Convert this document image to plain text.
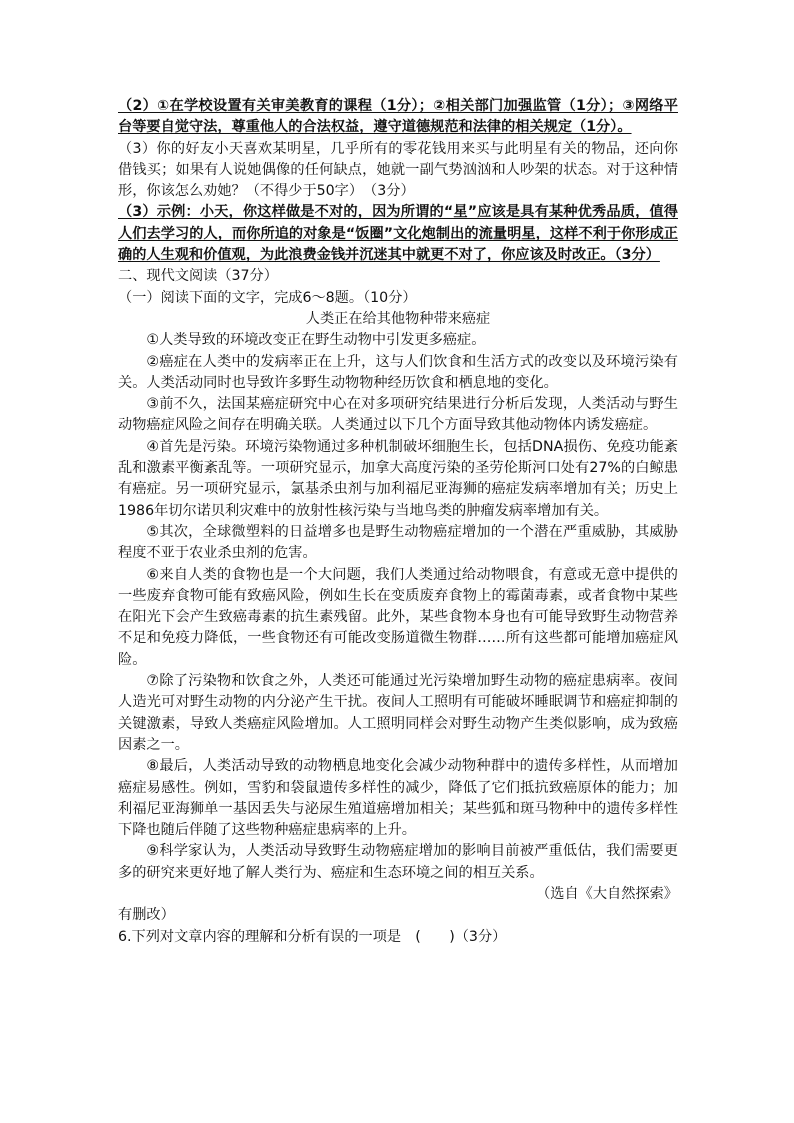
（2）①在学校设置有关审美教育的课程（1分）；②相关部门加强监管（1分）；③网络平台等要自觉守法，尊重他人的合法权益，遵守道德规范和法律的相关规定（1分）。

（3）你的好友小天喜欢某明星，几乎所有的零花钱用来买与此明星有关的物品，还向你借钱买；如果有人说她偶像的任何缺点，她就一副气势汹汹和人吵架的状态。对于这种情形，你该怎么劝她？（不得少于50字）　（3分）

（3）示例：小天，你这样做是不对的，因为所谓的“星”应该是具有某种优秀品质，值得人们去学习的人，而你所追的对象是“饭圈”文化炮制出的流量明星，这样不利于你形成正确的人生观和价值观，为此浪费金钱并沉迷其中就更不对了，你应该及时改正。（3分）

二、现代文阅读（37分）

（一）阅读下面的文字，完成6～8题。（10分）

人类正在给其他物种带来癌症

①人类导致的环境改变正在野生动物中引发更多癌症。

②癌症在人类中的发病率正在上升，这与人们饮食和生活方式的改变以及环境污染有关。人类活动同时也导致许多野生动物物种经历饮食和栖息地的变化。

③前不久，法国某癌症研究中心在对多项研究结果进行分析后发现，人类活动与野生动物癌症风险之间存在明确关联。人类通过以下几个方面导致其他动物体内诱发癌症。

④首先是污染。环境污染物通过多种机制破坏细胞生长，包括DNA损伤、免疫功能紊乱和激素平衡紊乱等。一项研究显示，加拿大高度污染的圣劳伦斯河口处有27%的白鲸患有癌症。另一项研究显示，氯基杀虫剂与加利福尼亚海狮的癌症发病率增加有关；历史上1986年切尔诺贝利灾难中的放射性核污染与当地鸟类的肿瘤发病率增加有关。

⑤其次，全球微塑料的日益增多也是野生动物癌症增加的一个潜在严重威胁，其威胁程度不亚于农业杀虫剂的危害。

⑥来自人类的食物也是一个大问题，我们人类通过给动物喂食，有意或无意中提供的一些废弃食物可能有致癌风险，例如生长在变质废弃食物上的霉菌毒素，或者食物中某些在阳光下会产生致癌毒素的抗生素残留。此外，某些食物本身也有可能导致野生动物营养不足和免疫力降低，一些食物还有可能改变肠道微生物群……所有这些都可能增加癌症风险。

⑦除了污染物和饮食之外，人类还可能通过光污染增加野生动物的癌症患病率。夜间人造光可对野生动物的内分泌产生干扰。夜间人工照明有可能破坏睡眠调节和癌症抑制的关键激素，导致人类癌症风险增加。人工照明同样会对野生动物产生类似影响，成为致癌因素之一。

⑧最后，人类活动导致的动物栖息地变化会减少动物种群中的遗传多样性，从而增加癌症易感性。例如，雪豹和袋鼠遗传多样性的减少，降低了它们抵抗致癌原体的能力；加利福尼亚海狮单一基因丢失与泌尿生殖道癌增加相关；某些狐和斑马物种中的遗传多样性下降也随后伴随了这些物种癌症患病率的上升。

⑨科学家认为，人类活动导致野生动物癌症增加的影响目前被严重低估，我们需要更多的研究来更好地了解人类行为、癌症和生态环境之间的相互关系。

（选自《大自然探索》

有删改）

6.下列对文章内容的理解和分析有误的一项是　(　　)（3分）
